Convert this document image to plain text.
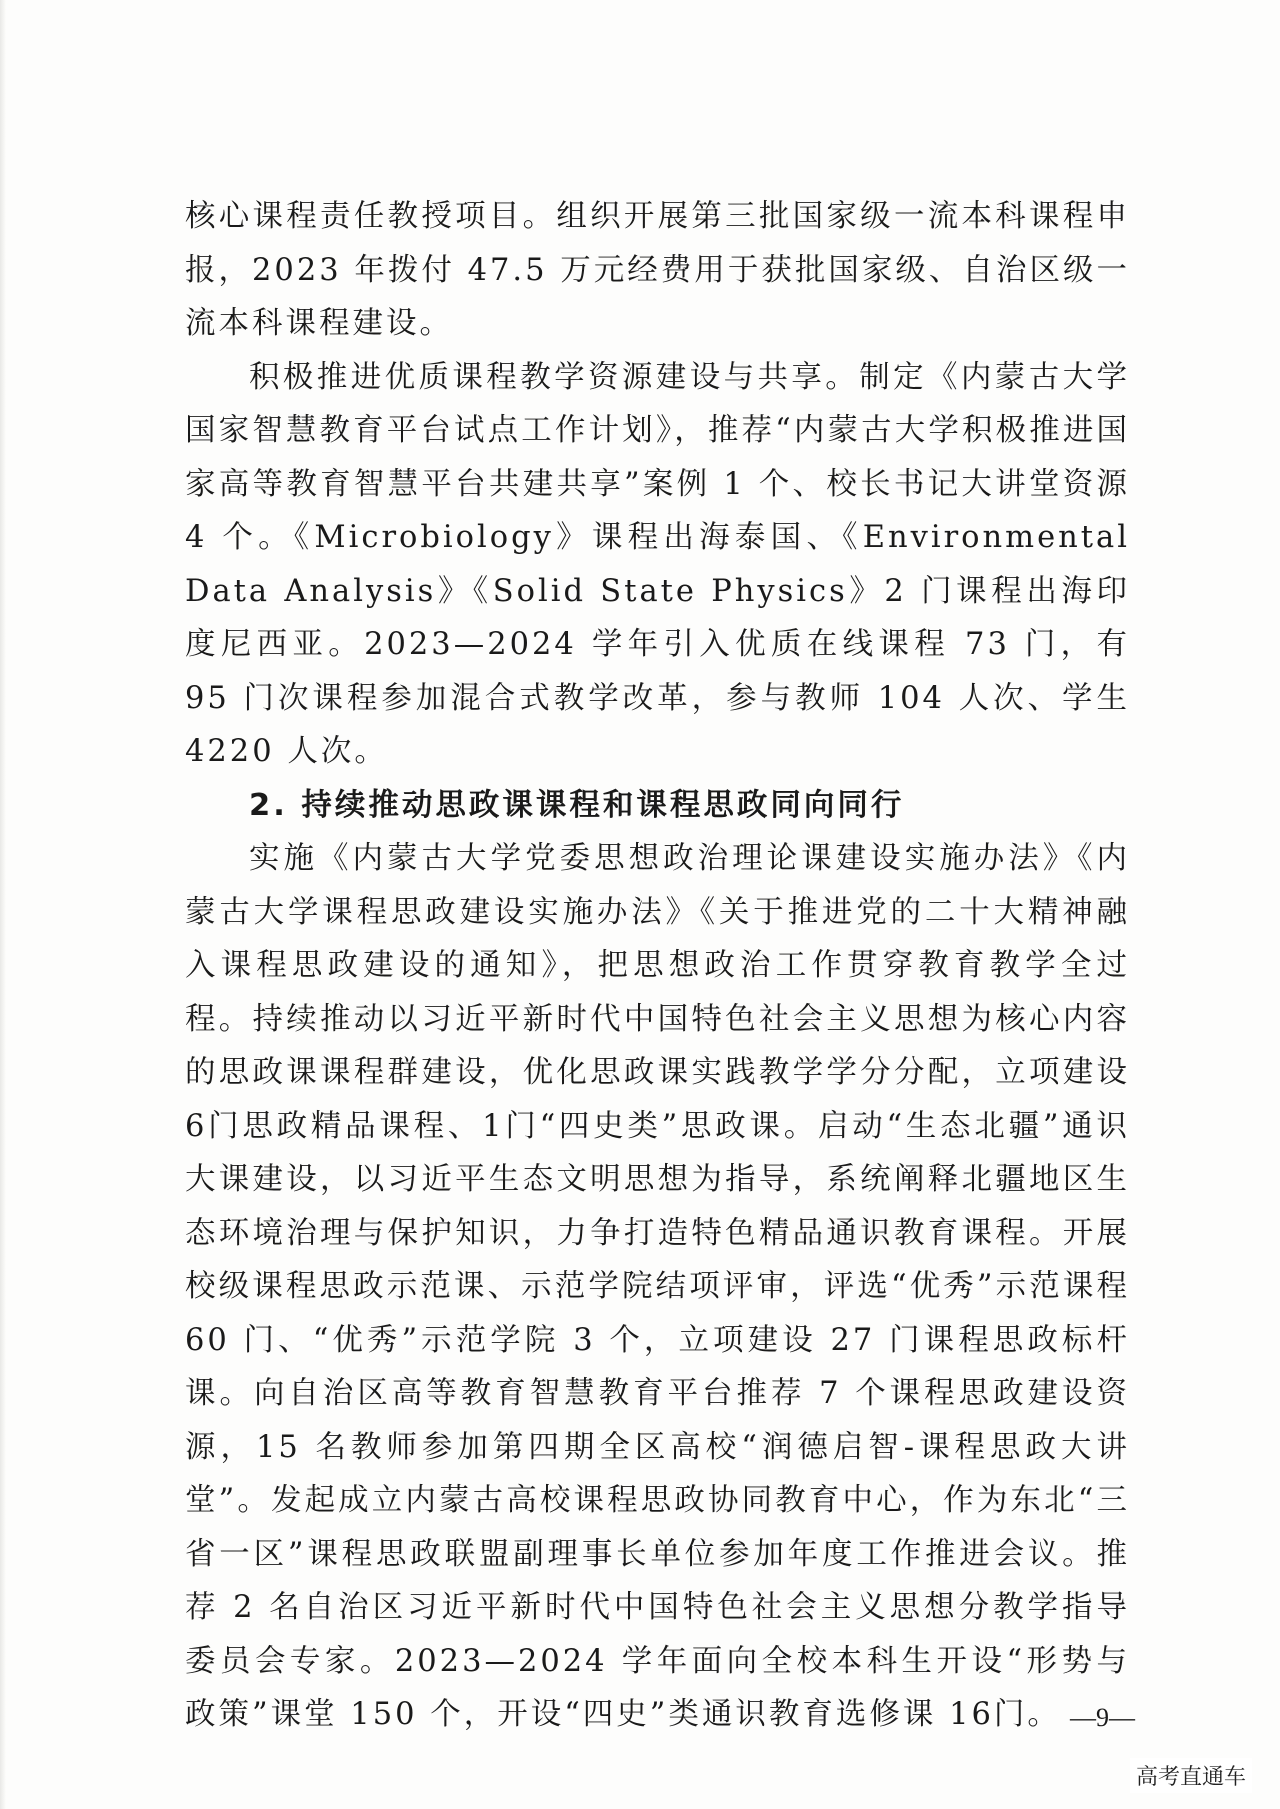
核心课程责任教授项目。组织开展第三批国家级一流本科课程申报，2023 年拨付 47.5 万元经费用于获批国家级、自治区级一流本科课程建设。

积极推进优质课程教学资源建设与共享。制定《内蒙古大学国家智慧教育平台试点工作计划》，推荐“内蒙古大学积极推进国家高等教育智慧平台共建共享”案例 1 个、校长书记大讲堂资源 4 个。《Microbiology》课程出海泰国、《Environmental Data Analysis》《Solid State Physics》2 门课程出海印度尼西亚。2023—2024 学年引入优质在线课程 73 门，有 95 门次课程参加混合式教学改革，参与教师 104 人次、学生 4220 人次。

2. 持续推动思政课课程和课程思政同向同行

实施《内蒙古大学党委思想政治理论课建设实施办法》《内蒙古大学课程思政建设实施办法》《关于推进党的二十大精神融入课程思政建设的通知》，把思想政治工作贯穿教育教学全过程。持续推动以习近平新时代中国特色社会主义思想为核心内容的思政课课程群建设，优化思政课实践教学学分分配，立项建设6门思政精品课程、1门“四史类”思政课。启动“生态北疆”通识大课建设，以习近平生态文明思想为指导，系统阐释北疆地区生态环境治理与保护知识，力争打造特色精品通识教育课程。开展校级课程思政示范课、示范学院结项评审，评选“优秀”示范课程 60 门、“优秀”示范学院 3 个，立项建设 27 门课程思政标杆课。向自治区高等教育智慧教育平台推荐 7 个课程思政建设资源，15 名教师参加第四期全区高校“润德启智-课程思政大讲堂”。发起成立内蒙古高校课程思政协同教育中心，作为东北“三省一区”课程思政联盟副理事长单位参加年度工作推进会议。推荐 2 名自治区习近平新时代中国特色社会主义思想分教学指导委员会专家。2023—2024 学年面向全校本科生开设“形势与政策”课堂 150 个，开设“四史”类通识教育选修课 16门。 —9—
高考直通车
